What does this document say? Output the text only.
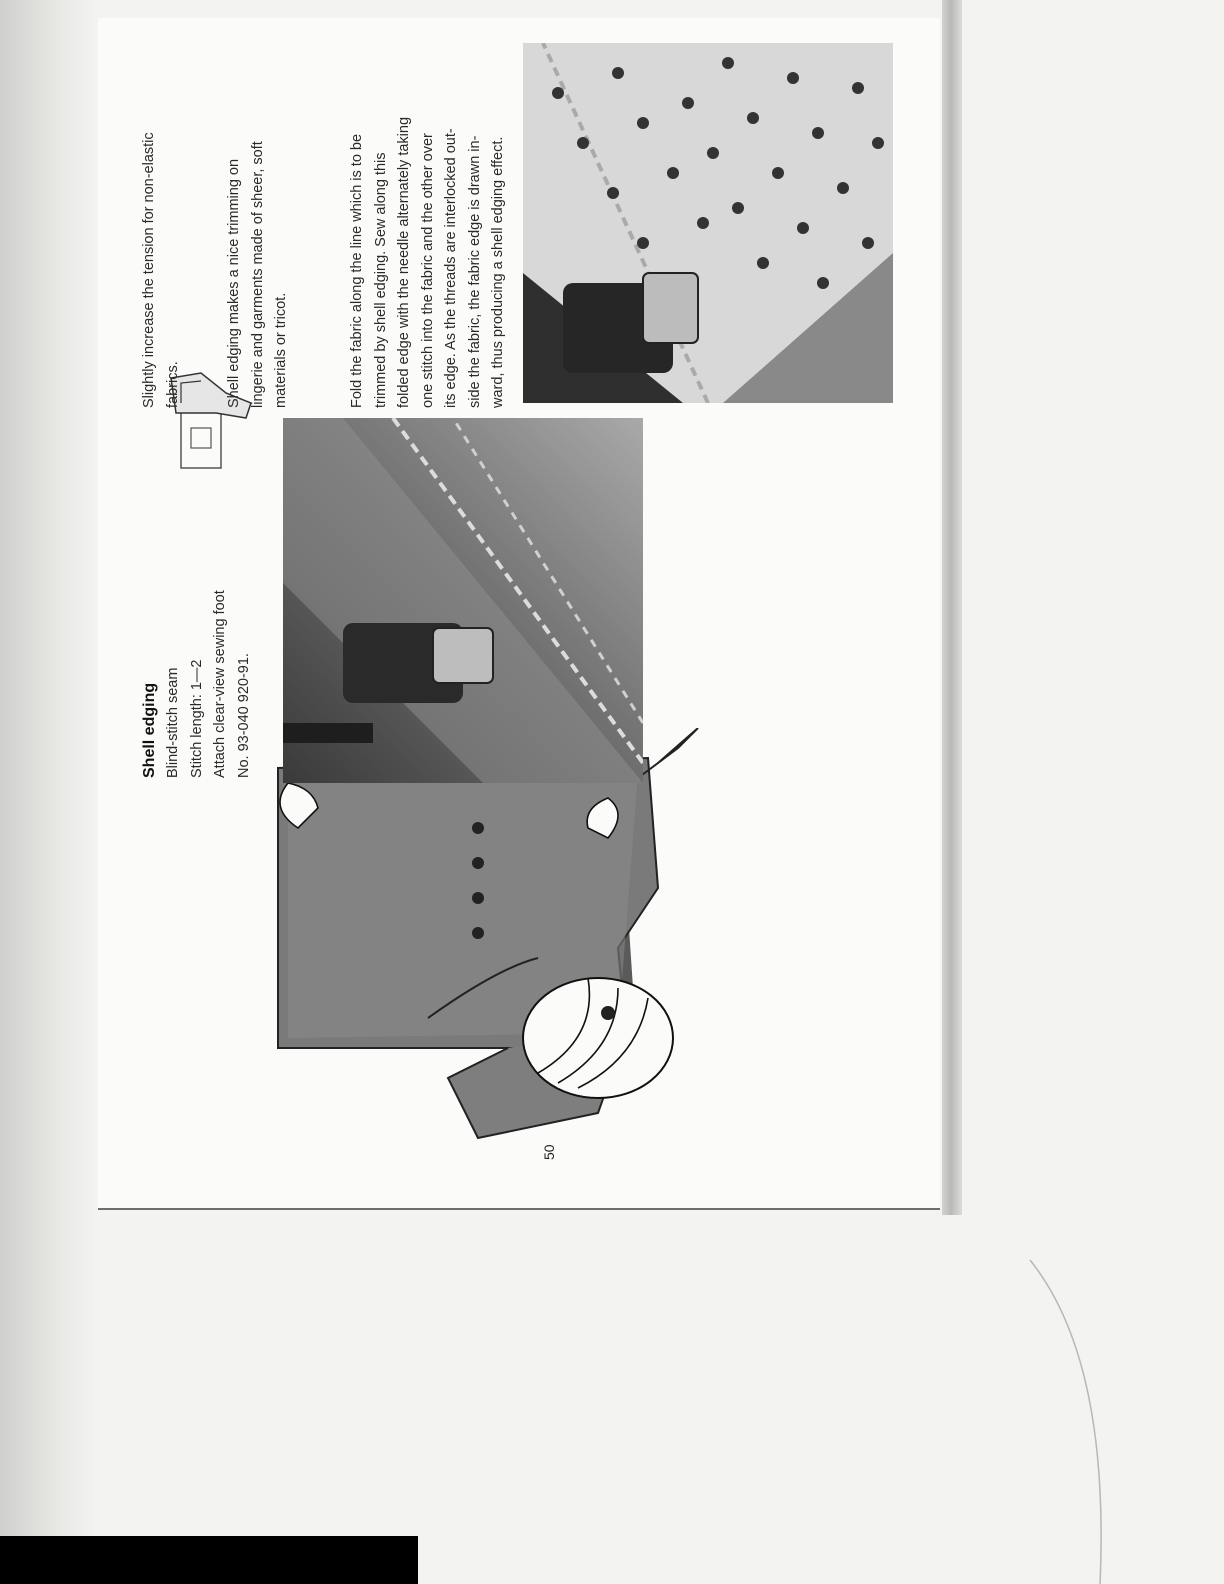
50
Shell edging Blind-stitch seam Stitch length: 1—2 Attach clear-view sewing foot No. 93-040 920-91.

Slightly increase the tension for non-elastic fabrics.	Shell edging makes a nice trimming on lingerie and garments made of sheer, soft materials or tricot.	Fold the fabric along the line which is to be trimmed by shell edging. Sew along this folded edge with the needle alternately taking one stitch into the fabric and the other over its edge. As the threads are interlocked out- side the fabric, the fabric edge is drawn in- ward, thus producing a shell edging effect.
